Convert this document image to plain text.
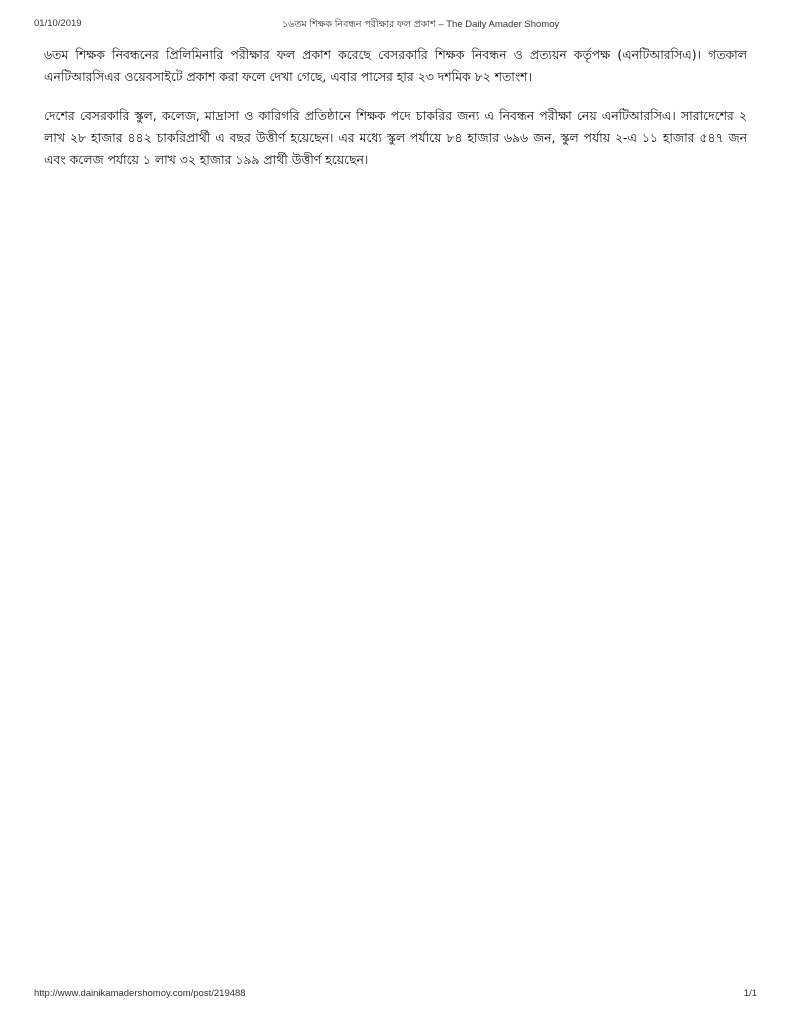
01/10/2019	১৬তম শিক্ষক নিবন্ধন পরীক্ষার ফল প্রকাশ – The Daily Amader Shomoy

৬তম শিক্ষক নিবন্ধনের প্রিলিমিনারি পরীক্ষার ফল প্রকাশ করেছে বেসরকারি শিক্ষক নিবন্ধন ও প্রত্যয়ন কর্তৃপক্ষ (এনটিআরসিএ)। গতকাল এনটিআরসিএর ওয়েবসাইটে প্রকাশ করা ফলে দেখা গেছে, এবার পাসের হার ২৩ দশমিক ৮২ শতাংশ।

দেশের বেসরকারি স্কুল, কলেজ, মাদ্রাসা ও কারিগরি প্রতিষ্ঠানে শিক্ষক পদে চাকরির জন্য এ নিবন্ধন পরীক্ষা নেয় এনটিআরসিএ। সারাদেশের ২ লাখ ২৮ হাজার ৪৪২ চাকরিপ্রার্থী এ বছর উত্তীর্ণ হয়েছেন। এর মধ্যে স্কুল পর্যায়ে ৮৪ হাজার ৬৯৬ জন, স্কুল পর্যায় ২-এ ১১ হাজার ৫৪৭ জন এবং কলেজ পর্যায়ে ১ লাখ ৩২ হাজার ১৯৯ প্রার্থী উত্তীর্ণ হয়েছেন।

http://www.dainikamadershomoy.com/post/219488	1/1
